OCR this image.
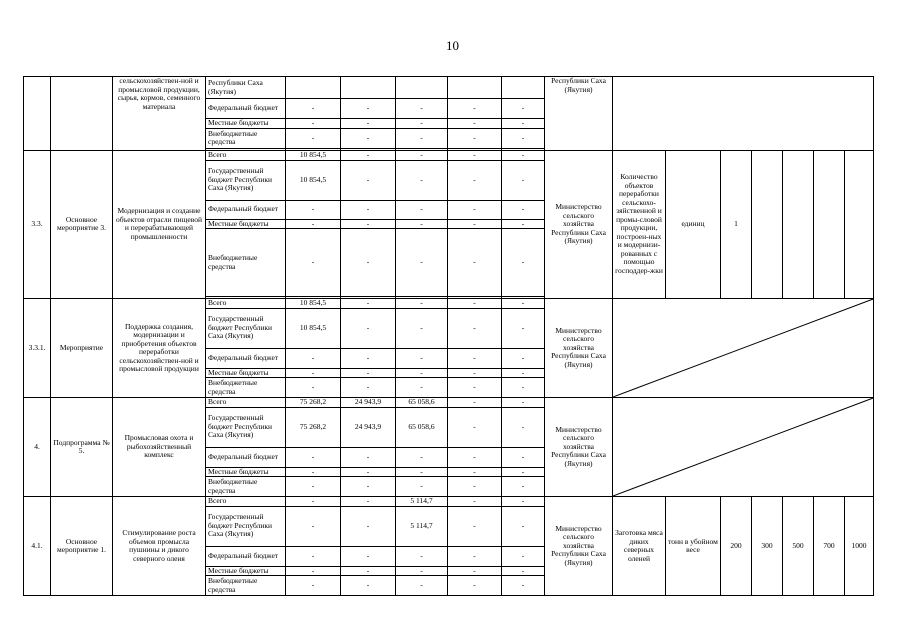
10
		сельскохозяйствен-ной и промысловой продукции, сырья, кормов, семенного материала	Республики Саха (Якутия)						Республики Саха (Якутия)							
			Федеральный бюджет	-	-	-	-	-								
			Местные бюджеты	-	-	-	-	-								
			Внебюджетные средства	-	-	-	-	-								

3.3.	Основное мероприятие 3.	Модернизация и создание объектов отрасли пищевой и перерабатывающей промышленности	Всего	10 854,5	-	-	-	-	Министерство сельского хозяйства Республики Саха (Якутия)	Количество объектов переработки сельскохо-зяйственной и промы-словой продукции, построен-ных и модернизи-рованных с помощью господдер-жки	единиц	1				
			Государственный бюджет Республики Саха (Якутия)	10 854,5	-	-	-	-								
			Федеральный бюджет	-	-	-	-	-								
			Местные бюджеты	-	-	-	-	-								
			Внебюджетные средства	-	-	-	-	-								

3.3.1.	Мероприятие	Поддержка создания, модернизации и приобретения объектов переработки сельскохозяйствен-ной и промысловой продукции	Всего	10 854,5	-	-	-	-	Министерство сельского хозяйства Республики Саха (Якутия)	

			Государственный бюджет Республики Саха (Якутия)	10 854,5	-	-	-	-								
			Федеральный бюджет	-	-	-	-	-								
			Местные бюджеты	-	-	-	-	-								
			Внебюджетные средства	-	-	-	-	-								
4.	Подпрограмма № 5.	Промысловая охота и рыбохозяйственный комплекс	Всего	75 268,2	24 943,9	65 058,6	-	-	Министерство сельского хозяйства Республики Саха (Якутия)	

			Государственный бюджет Республики Саха (Якутия)	75 268,2	24 943,9	65 058,6	-	-								
			Федеральный бюджет	-	-	-	-	-								
			Местные бюджеты	-	-	-	-	-								
			Внебюджетные средства	-	-	-	-	-								
4.1.	Основное мероприятие 1.	Стимулирование роста объемов промысла пушнины и дикого северного оленя	Всего	-	-	5 114,7	-	-	Министерство сельского хозяйства Республики Саха (Якутия)	Заготовка мяса диких северных оленей	тонн в убойном весе	200	300	500	700	1000
			Государственный бюджет Республики Саха (Якутия)	-	-	5 114,7	-	-								
			Федеральный бюджет	-	-	-	-	-								
			Местные бюджеты	-	-	-	-	-								
			Внебюджетные средства	-	-	-	-	-								
